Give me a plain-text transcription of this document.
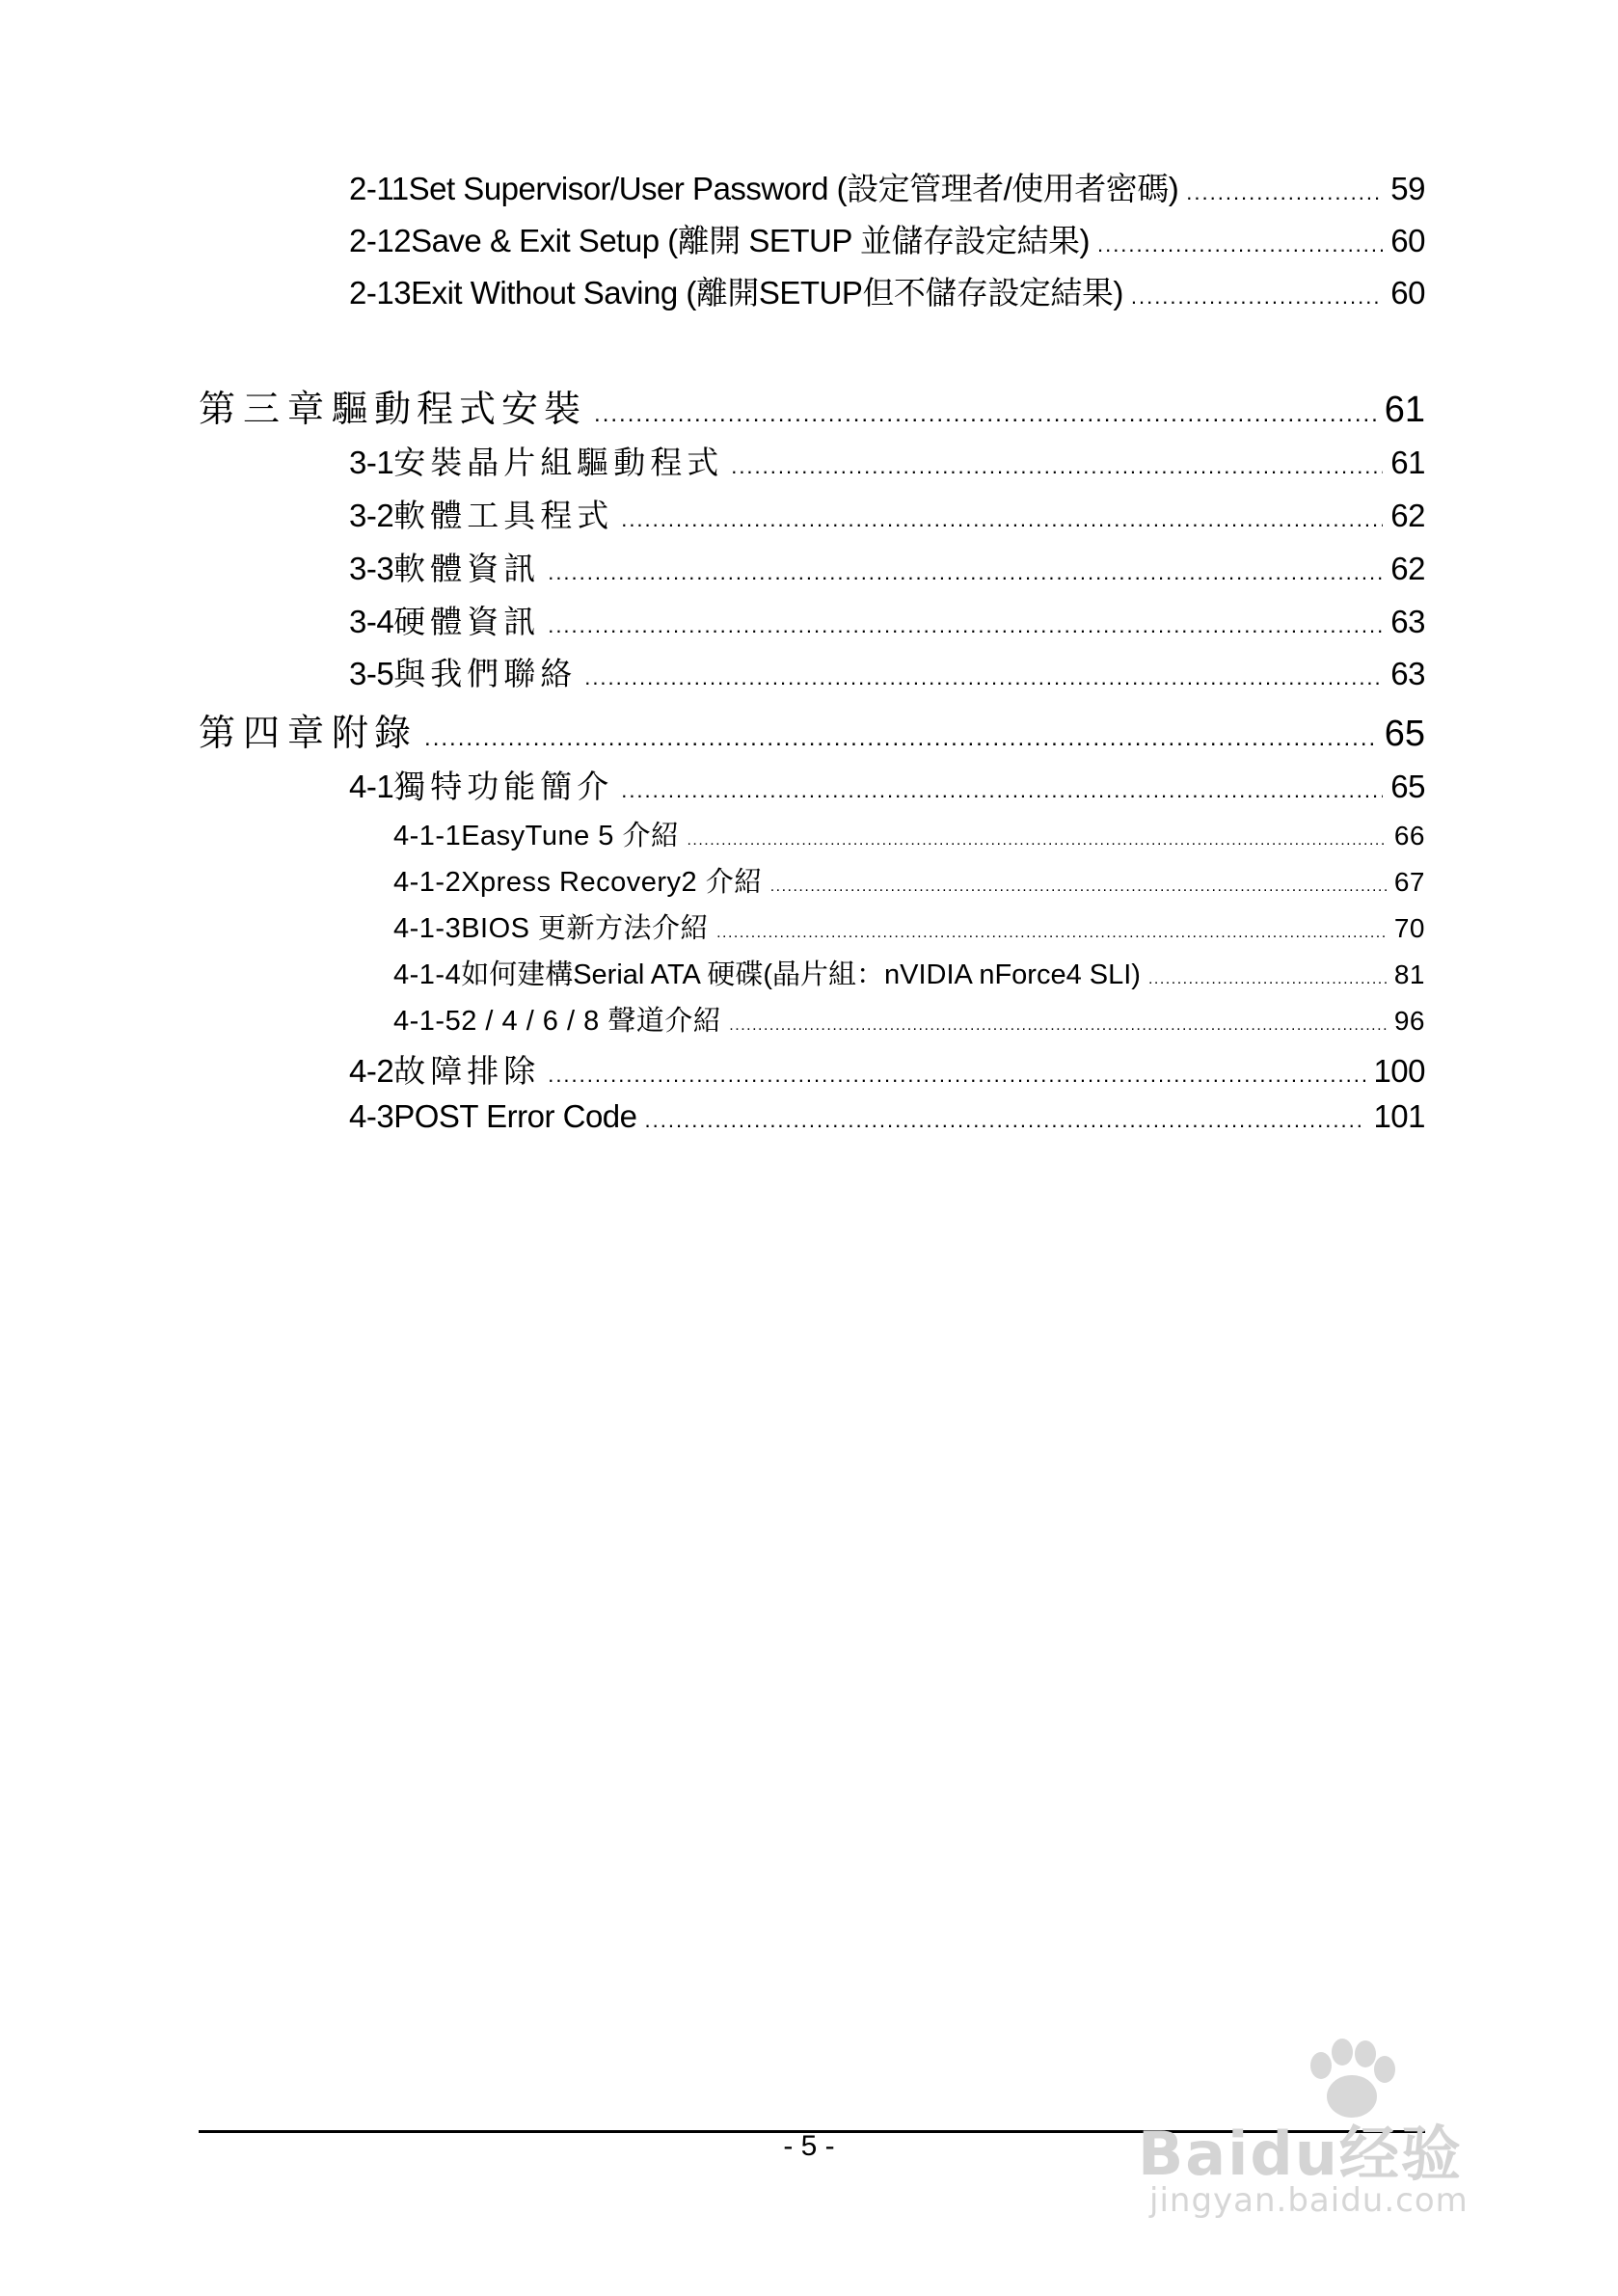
2-11 Set Supervisor/User Password (設定管理者/使用者密碼) .....	59
2-12 Save & Exit Setup (離開 SETUP 並儲存設定結果) .....	60
2-13 Exit Without Saving (離開SETUP但不儲存設定結果) .....	60
第三章 驅動程式安裝 .....	61
3-1 安裝晶片組驅動程式 .....	61
3-2 軟體工具程式 .....	62
3-3 軟體資訊 .....	62
3-4 硬體資訊 .....	63
3-5 與我們聯絡 .....	63
第四章 附錄 .....	65
4-1 獨特功能簡介 .....	65
4-1-1 EasyTune 5 介紹 .....	66
4-1-2 Xpress Recovery2 介紹 .....	67
4-1-3 BIOS 更新方法介紹 .....	70
4-1-4 如何建構Serial ATA 硬碟(晶片組：nVIDIA nForce4 SLI) .....	81
4-1-5 2 / 4 / 6 / 8 聲道介紹 .....	96
4-2 故障排除 .....	100
4-3 POST Error Code .....	101
- 5 -	Baidu经验
jingyan.baidu.com
